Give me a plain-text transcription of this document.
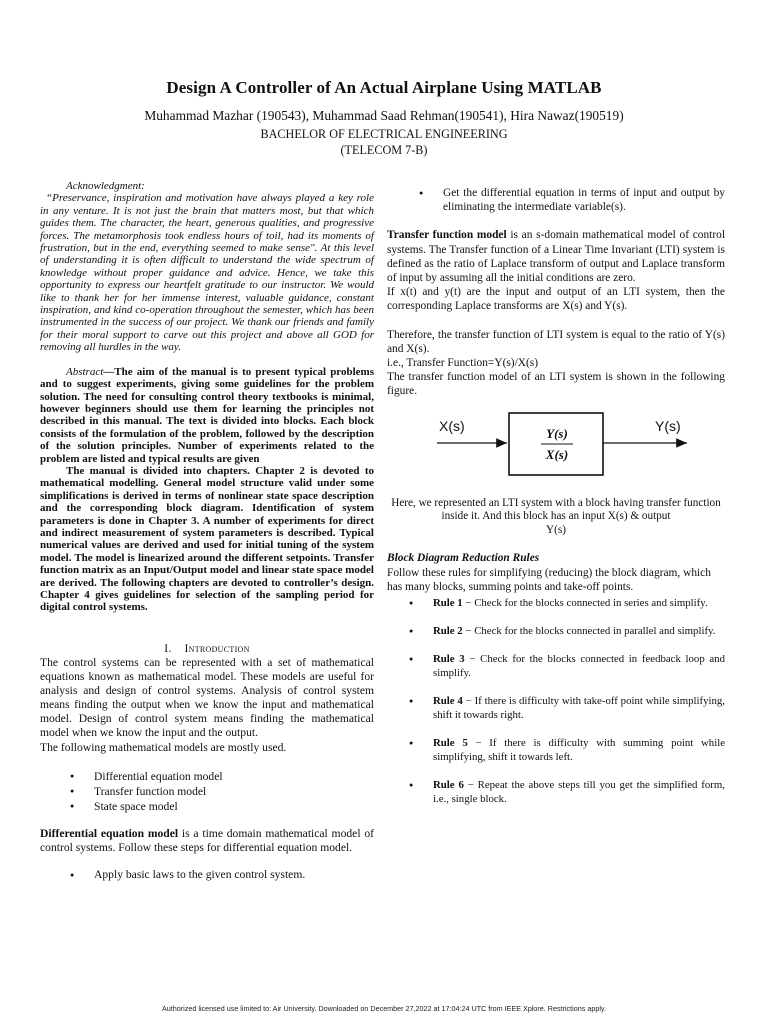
Design A Controller of An Actual Airplane Using MATLAB
Muhammad Mazhar (190543), Muhammad Saad Rehman(190541), Hira Nawaz(190519)
BACHELOR OF ELECTRICAL ENGINEERING
(TELECOM 7-B)

Acknowledgment:

“Preservance, inspiration and motivation have always played a key role in any venture. It is not just the brain that matters most, but that which guides them. The character, the heart, generous qualities, and progressive forces. The metamorphosis took endless hours of toil, had its moments of frustration, but in the end, everything seemed to make sense". At this level of understanding it is often difficult to understand the wide spectrum of knowledge without proper guidance and advice. Hence, we take this opportunity to express our heartfelt gratitude to our instructor. We would like to thank her for her immense interest, valuable guidance, constant inspiration, and kind co-operation throughout the semester, which has been instrumented in the success of our project. We thank our friends and family for their moral support to carve out this project and above all GOD for removing all hurdles in the way.

Abstract—The aim of the manual is to present typical problems and to suggest experiments, giving some guidelines for the problem solution. The need for consulting control theory textbooks is minimal, however beginners should use them for learning the principles not described in this manual. The text is divided into blocks. Each block consists of the formulation of the problem, followed by the description of the solution principles. Number of experiments related to the problem are listed and typical results are given

The manual is divided into chapters. Chapter 2 is devoted to mathematical modelling. General model structure valid under some simplifications is derived in terms of nonlinear state space description and the corresponding block diagram. Identification of system parameters is done in Chapter 3. A number of experiments for direct and indirect measurement of system parameters is described. Typical numerical values are derived and used for initial tuning of the system model. The model is linearized around the different setpoints. Transfer function matrix as an Input/Output model and linear state space model are derived. The following chapters are devoted to controller’s design. Chapter 4 gives guidelines for selection of the sampling period for digital control systems.

I. Introduction

The control systems can be represented with a set of mathematical equations known as mathematical model. These models are useful for analysis and design of control systems. Analysis of control system means finding the output when we know the input and mathematical model. Design of control system means finding the mathematical model when we know the input and the output.

The following mathematical models are mostly used.

● Differential equation model
● Transfer function model
● State space model

Differential equation model is a time domain mathematical model of control systems. Follow these steps for differential equation model.

● Apply basic laws to the given control system.

● Get the differential equation in terms of input and output by eliminating the intermediate variable(s).

Transfer function model is an s-domain mathematical model of control systems. The Transfer function of a Linear Time Invariant (LTI) system is defined as the ratio of Laplace transform of output and Laplace transform of input by assuming all the initial conditions are zero.

If x(t) and y(t) are the input and output of an LTI system, then the corresponding Laplace transforms are X(s) and Y(s).

Therefore, the transfer function of LTI system is equal to the ratio of Y(s) and X(s).

i.e., Transfer Function=Y(s)/X(s)

The transfer function model of an LTI system is shown in the following figure.

X(s)	Y(s)
Y(s)
X(s)
Here, we represented an LTI system with a block having transfer function inside it. And this block has an input X(s) & output
Y(s)

Block Diagram Reduction Rules

Follow these rules for simplifying (reducing) the block diagram, which has many blocks, summing points and take-off points.

● Rule 1 − Check for the blocks connected in series and simplify.

● Rule 2 − Check for the blocks connected in parallel and simplify.

● Rule 3 − Check for the blocks connected in feedback loop and simplify.

● Rule 4 − If there is difficulty with take-off point while simplifying, shift it towards right.

● Rule 5 − If there is difficulty with summing point while simplifying, shift it towards left.

● Rule 6 − Repeat the above steps till you get the simplified form, i.e., single block.

Authorized licensed use limited to: Air University. Downloaded on December 27,2022 at 17:04:24 UTC from IEEE Xplore. Restrictions apply.
